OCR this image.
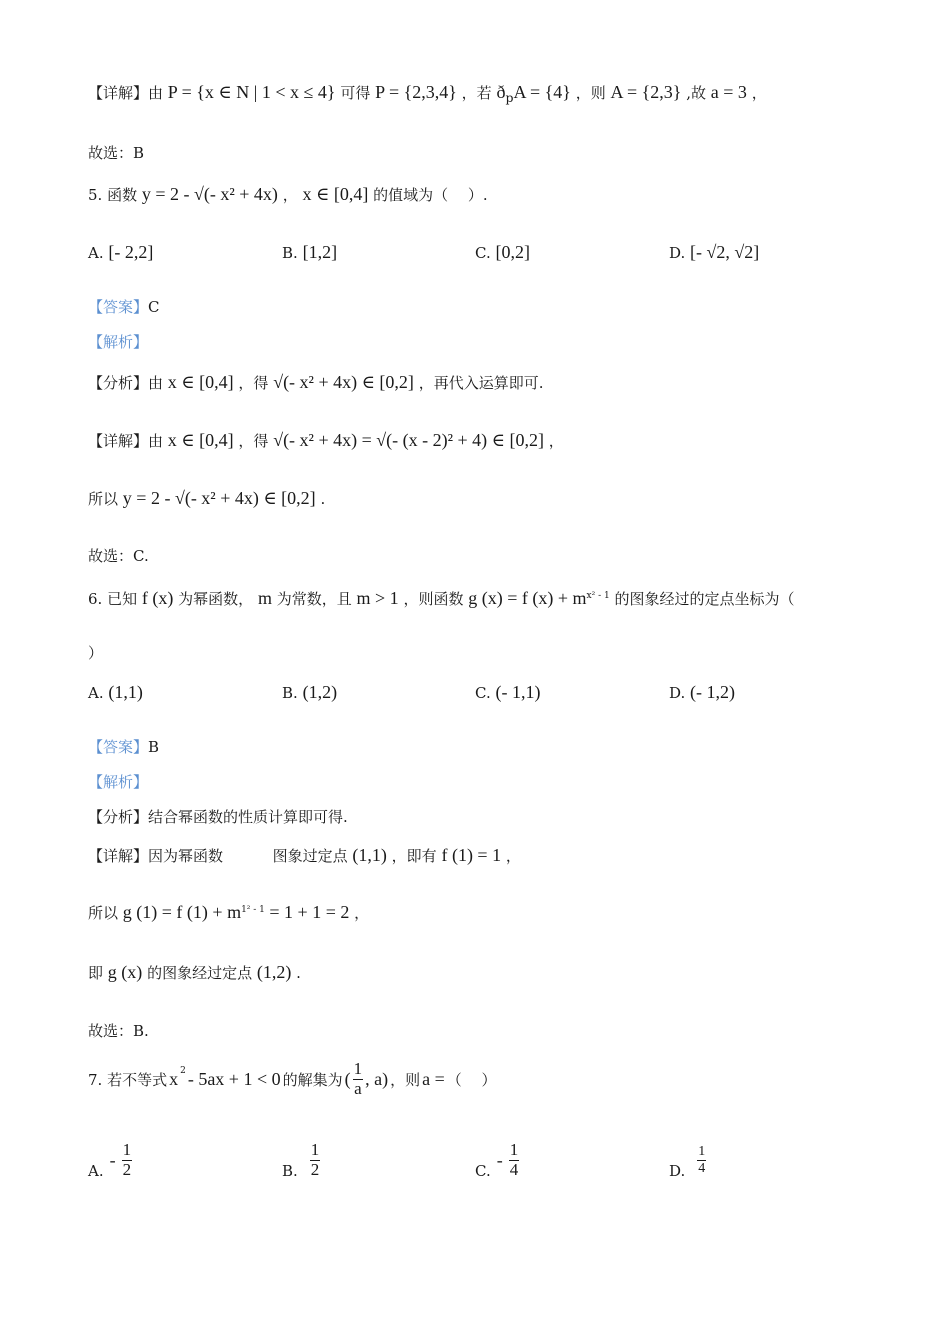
【详解】由 P = {x ∈ N | 1 < x ≤ 4} 可得 P = {2,3,4} ，若 $ð_pA = \{4\}$ ，则 A = {2,3} ,故 a = 3 ，
故选：B
5. 函数 y = 2 - √(- x² + 4x) ， x ∈ [0,4] 的值域为（　 ）.
A. [- 2,2]	B. [1,2]	C. [0,2]	D. [- √2, √2]
【答案】C
【解析】
【分析】由 x ∈ [0,4] ，得 √(- x² + 4x) ∈ [0,2] ，再代入运算即可.
【详解】由 x ∈ [0,4] ，得 √(- x² + 4x) = √(- (x - 2)² + 4) ∈ [0,2] ，
所以 y = 2 - √(- x² + 4x) ∈ [0,2] .
故选：C.
6. 已知 f (x) 为幂函数， m 为常数，且 m > 1 ，则函数 g (x) = f $(x) + m^{x^2 - 1}$ 的图象经过的定点坐标为（
）
A. (1,1)	B. (1,2)	C. (- 1,1)	D. (- 1,2)
【答案】B
【解析】
【分析】结合幂函数的性质计算即可得.
【详解】因为幂函数	图象过定点 (1,1) ，即有 f (1) = 1 ，
所以 g (1) = f $(1) + m^{1^2 - 1} = 1 + 1 = 2$ ，
即 g (x) 的图象经过定点 (1,2) .
故选：B.
7. 若不等式 $x^2 - 5ax + 1 < 0$ 的解集为 ( $\frac{1}{a}$ , a) ，则 a = （　 ）
A.
- $\frac{1}{2}$	B. $\frac{1}{2}$	C.
- $\frac{1}{4}$	D. $\frac{1}{4}$
